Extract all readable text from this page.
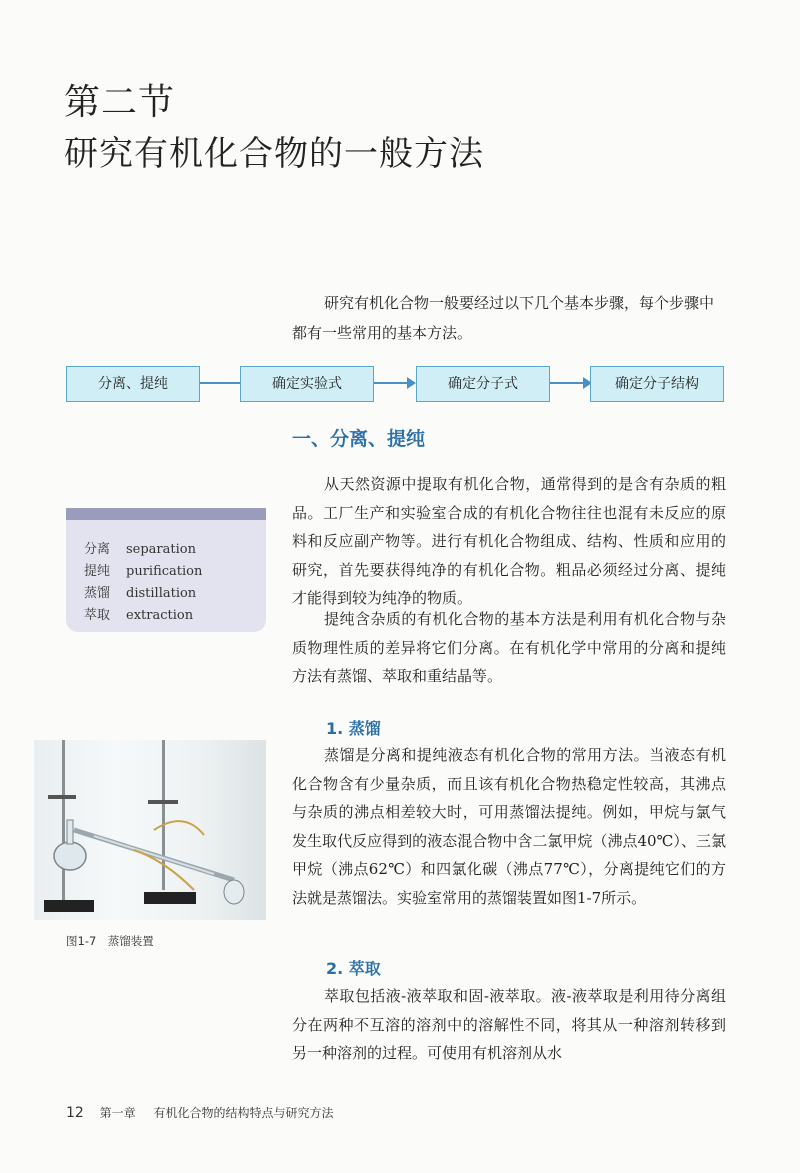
第二节
研究有机化合物的一般方法
研究有机化合物一般要经过以下几个基本步骤，每个步骤中都有一些常用的基本方法。
分离、提纯	确定实验式	确定分子式	确定分子结构
一、分离、提纯
从天然资源中提取有机化合物，通常得到的是含有杂质的粗品。工厂生产和实验室合成的有机化合物往往也混有未反应的原料和反应副产物等。进行有机化合物组成、结构、性质和应用的研究，首先要获得纯净的有机化合物。粗品必须经过分离、提纯才能得到较为纯净的物质。
提纯含杂质的有机化合物的基本方法是利用有机化合物与杂质物理性质的差异将它们分离。在有机化学中常用的分离和提纯方法有蒸馏、萃取和重结晶等。
分离 separation
提纯 purification
蒸馏 distillation
萃取 extraction
1. 蒸馏
蒸馏是分离和提纯液态有机化合物的常用方法。当液态有机化合物含有少量杂质，而且该有机化合物热稳定性较高，其沸点与杂质的沸点相差较大时，可用蒸馏法提纯。例如，甲烷与氯气发生取代反应得到的液态混合物中含二氯甲烷（沸点40℃）、三氯甲烷（沸点62℃）和四氯化碳（沸点77℃），分离提纯它们的方法就是蒸馏法。实验室常用的蒸馏装置如图1-7所示。
图1-7　蒸馏装置
2. 萃取
萃取包括液-液萃取和固-液萃取。液-液萃取是利用待分离组分在两种不互溶的溶剂中的溶解性不同，将其从一种溶剂转移到另一种溶剂的过程。可使用有机溶剂从水
12 第一章 有机化合物的结构特点与研究方法
